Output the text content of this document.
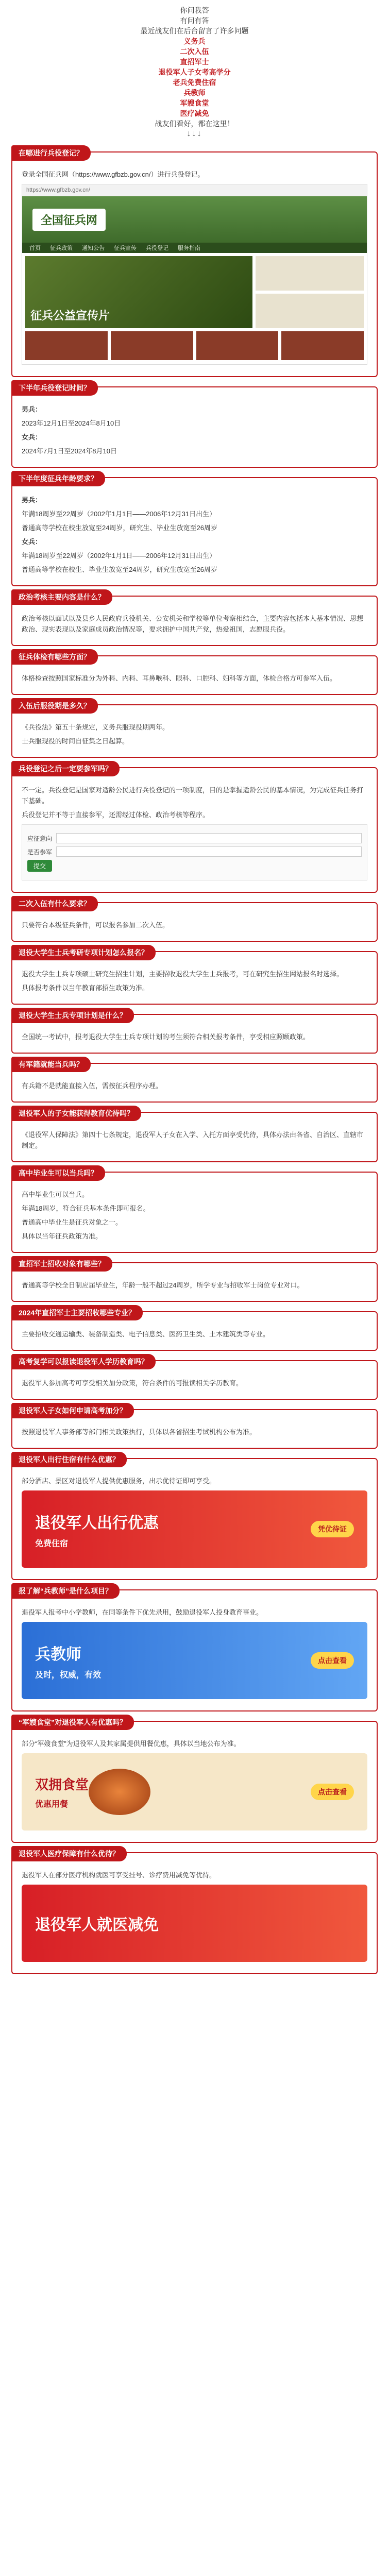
你问我答
有问有答
最近战友们在后台留言了许多问题
义务兵
二次入伍
直招军士
退役军人子女考高学分
老兵免费住宿
兵教师
军嫂食堂
医疗减免
战友们看好，都在这里！
↓↓↓
在哪进行兵役登记？

登录全国征兵网（https://www.gfbzb.gov.cn/）进行兵役登记。

https://www.gfbzb.gov.cn/
全国征兵网
首页 征兵政策 通知公告 征兵宣传 兵役登记 服务指南
征兵公益宣传片
下半年兵役登记时间？

男兵：

2023年12月1日至2024年8月10日

女兵：

2024年7月1日至2024年8月10日

下半年度征兵年龄要求？

男兵：

年满18周岁至22周岁（2002年1月1日——2006年12月31日出生）

普通高等学校在校生放宽至24周岁，研究生、毕业生放宽至26周岁

女兵：

年满18周岁至22周岁（2002年1月1日——2006年12月31日出生）

普通高等学校在校生、毕业生放宽至24周岁，研究生放宽至26周岁

政治考核主要内容是什么？

政治考核以面试以及县乡人民政府兵役机关、公安机关和学校等单位考察相结合，主要内容包括本人基本情况、思想政治、现实表现以及家庭成员政治情况等，要求拥护中国共产党，热爱祖国，志愿服兵役。

征兵体检有哪些方面？

体格检查按照国家标准分为外科、内科、耳鼻喉科、眼科、口腔科、妇科等方面，体检合格方可参军入伍。

入伍后服役期是多久？

《兵役法》第五十条规定，义务兵服现役期两年。

士兵服现役的时间自征集之日起算。

兵役登记之后一定要参军吗？

不一定。兵役登记是国家对适龄公民进行兵役登记的一项制度，目的是掌握适龄公民的基本情况，为完成征兵任务打下基础。

兵役登记并不等于直接参军，还需经过体检、政治考核等程序。

应征意向
是否参军
提交
二次入伍有什么要求？

只要符合本级征兵条件，可以报名参加二次入伍。

退役大学生士兵考研专项计划怎么报名？

退役大学生士兵专项硕士研究生招生计划，主要招收退役大学生士兵报考，可在研究生招生网站报名时选择。

具体报考条件以当年教育部招生政策为准。

退役大学生士兵专项计划是什么？

全国统一考试中，报考退役大学生士兵专项计划的考生须符合相关报考条件，享受相应照顾政策。

有军籍就能当兵吗？

有兵籍不是就能直接入伍，需按征兵程序办理。

退役军人的子女能获得教育优待吗？

《退役军人保障法》第四十七条规定，退役军人子女在入学、入托方面享受优待，具体办法由各省、自治区、直辖市制定。

高中毕业生可以当兵吗？

高中毕业生可以当兵。

年满18周岁，符合征兵基本条件即可报名。

普通高中毕业生是征兵对象之一。

具体以当年征兵政策为准。

直招军士招收对象有哪些？

普通高等学校全日制应届毕业生，年龄一般不超过24周岁，所学专业与招收军士岗位专业对口。

2024年直招军士主要招收哪些专业？

主要招收交通运输类、装备制造类、电子信息类、医药卫生类、土木建筑类等专业。

高考复学可以报读退役军人学历教育吗？

退役军人参加高考可享受相关加分政策，符合条件的可报读相关学历教育。

退役军人子女如何申请高考加分？

按照退役军人事务部等部门相关政策执行，具体以各省招生考试机构公布为准。

退役军人出行住宿有什么优惠？

部分酒店、景区对退役军人提供优惠服务，出示优待证即可享受。

退役军人出行优惠
免费住宿
凭优待证
报了解“兵教师”是什么项目？

退役军人报考中小学教师，在同等条件下优先录用，鼓励退役军人投身教育事业。

兵教师
及时，权威，有效
点击查看
“军嫂食堂”对退役军人有优惠吗？

部分“军嫂食堂”为退役军人及其家属提供用餐优惠，具体以当地公布为准。

双拥食堂
优惠用餐
点击查看
退役军人医疗保障有什么优待？

退役军人在部分医疗机构就医可享受挂号、诊疗费用减免等优待。

退役军人就医减免
